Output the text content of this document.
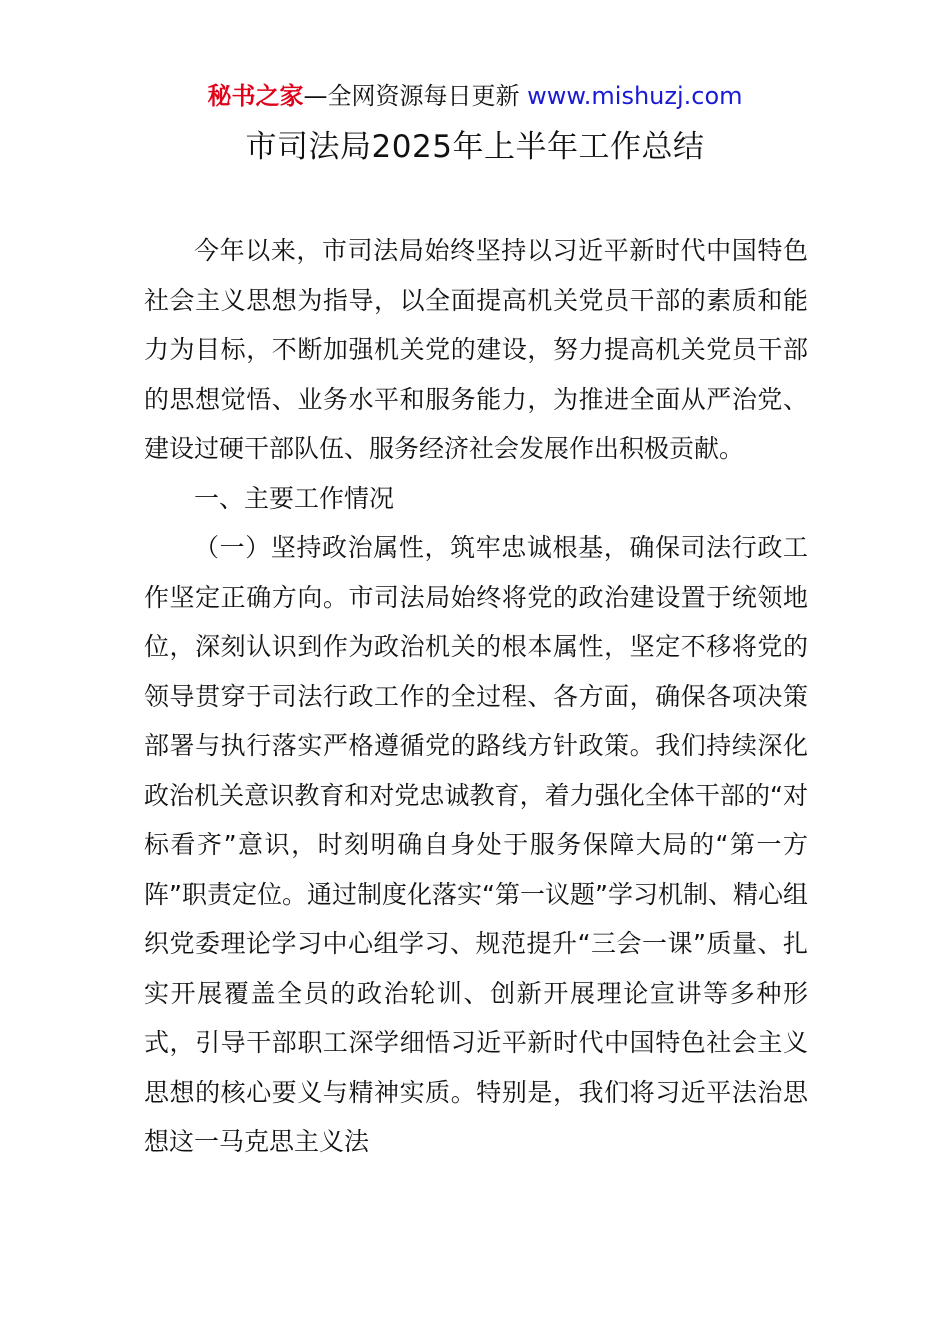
秘书之家—全网资源每日更新 www.mishuzj.com
市司法局2025年上半年工作总结

今年以来，市司法局始终坚持以习近平新时代中国特色社会主义思想为指导，以全面提高机关党员干部的素质和能力为目标，不断加强机关党的建设，努力提高机关党员干部的思想觉悟、业务水平和服务能力，为推进全面从严治党、建设过硬干部队伍、服务经济社会发展作出积极贡献。

一、主要工作情况

（一）坚持政治属性，筑牢忠诚根基，确保司法行政工作坚定正确方向。市司法局始终将党的政治建设置于统领地位，深刻认识到作为政治机关的根本属性，坚定不移将党的领导贯穿于司法行政工作的全过程、各方面，确保各项决策部署与执行落实严格遵循党的路线方针政策。我们持续深化政治机关意识教育和对党忠诚教育，着力强化全体干部的“对标看齐”意识，时刻明确自身处于服务保障大局的“第一方阵”职责定位。通过制度化落实“第一议题”学习机制、精心组织党委理论学习中心组学习、规范提升“三会一课”质量、扎实开展覆盖全员的政治轮训、创新开展理论宣讲等多种形式，引导干部职工深学细悟习近平新时代中国特色社会主义思想的核心要义与精神实质。特别是，我们将习近平法治思想这一马克思主义法
